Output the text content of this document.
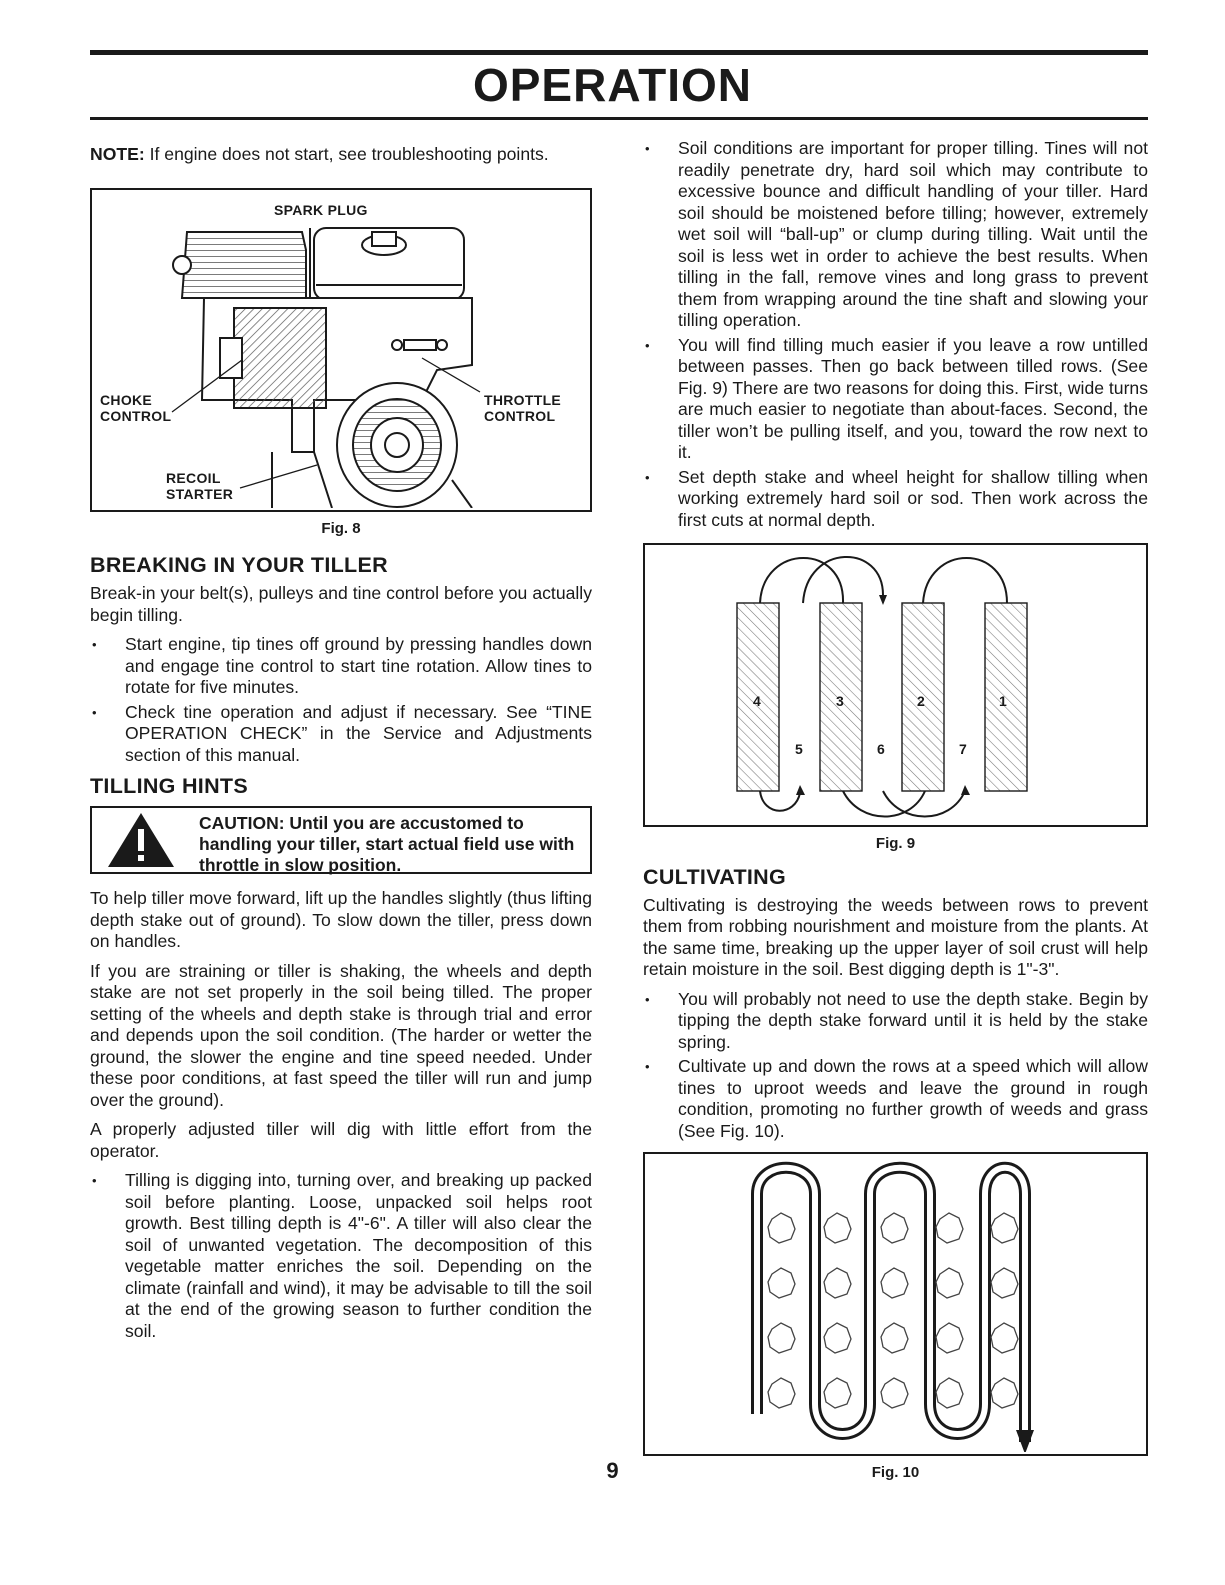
OPERATION

NOTE: If engine does not start, see troubleshooting points.

SPARK PLUG
CHOKE
CONTROL
THROTTLE
CONTROL
RECOIL
STARTER
Fig. 8
BREAKING IN YOUR TILLER

Break-in your belt(s), pulleys and tine control before you actually begin tilling.

• Start engine, tip tines off ground by pressing handles down and engage tine control to start tine rotation. Allow tines to rotate for five minutes.
• Check tine operation and adjust if necessary. See “TINE OPERATION CHECK” in the Service and Adjustments section of this manual.
TILLING HINTS
CAUTION: Until you are accustomed to handling your tiller, start actual field use with throttle in slow position.

To help tiller move forward, lift up the handles slightly (thus lifting depth stake out of ground). To slow down the tiller, press down on handles.

If you are straining or tiller is shaking, the wheels and depth stake are not set properly in the soil being tilled. The proper setting of the wheels and depth stake is through trial and error and depends upon the soil condition. (The harder or wetter the ground, the slower the engine and tine speed needed. Under these poor conditions, at fast speed the tiller will run and jump over the ground).

A properly adjusted tiller will dig with little effort from the operator.

• Tilling is digging into, turning over, and breaking up packed soil before planting. Loose, unpacked soil helps root growth. Best tilling depth is 4"-6". A tiller will also clear the soil of unwanted vegetation. The decomposition of this vegetable matter enriches the soil. Depending on the climate (rainfall and wind), it may be advisable to till the soil at the end of the growing season to further condition the soil.
• Soil conditions are important for proper tilling. Tines will not readily penetrate dry, hard soil which may contribute to excessive bounce and difficult handling of your tiller. Hard soil should be moistened before tilling; however, extremely wet soil will “ball-up” or clump during tilling. Wait until the soil is less wet in order to achieve the best results. When tilling in the fall, remove vines and long grass to prevent them from wrapping around the tine shaft and slowing your tilling operation.
• You will find tilling much easier if you leave a row untilled between passes. Then go back between tilled rows. (See Fig. 9) There are two reasons for doing this. First, wide turns are much easier to negotiate than about-faces. Second, the tiller won’t be pulling itself, and you, toward the row next to it.
• Set depth stake and wheel height for shallow tilling when working extremely hard soil or sod. Then work across the first cuts at normal depth.
4	3	2	1
5	6	7
Fig. 9
CULTIVATING

Cultivating is destroying the weeds between rows to prevent them from robbing nourishment and moisture from the plants. At the same time, breaking up the upper layer of soil crust will help retain moisture in the soil. Best digging depth is 1"-3".

• You will probably not need to use the depth stake. Begin by tipping the depth stake forward until it is held by the stake spring.
• Cultivate up and down the rows at a speed which will allow tines to uproot weeds and leave the ground in rough condition, promoting no further growth of weeds and grass (See Fig. 10).
Fig. 10
9
